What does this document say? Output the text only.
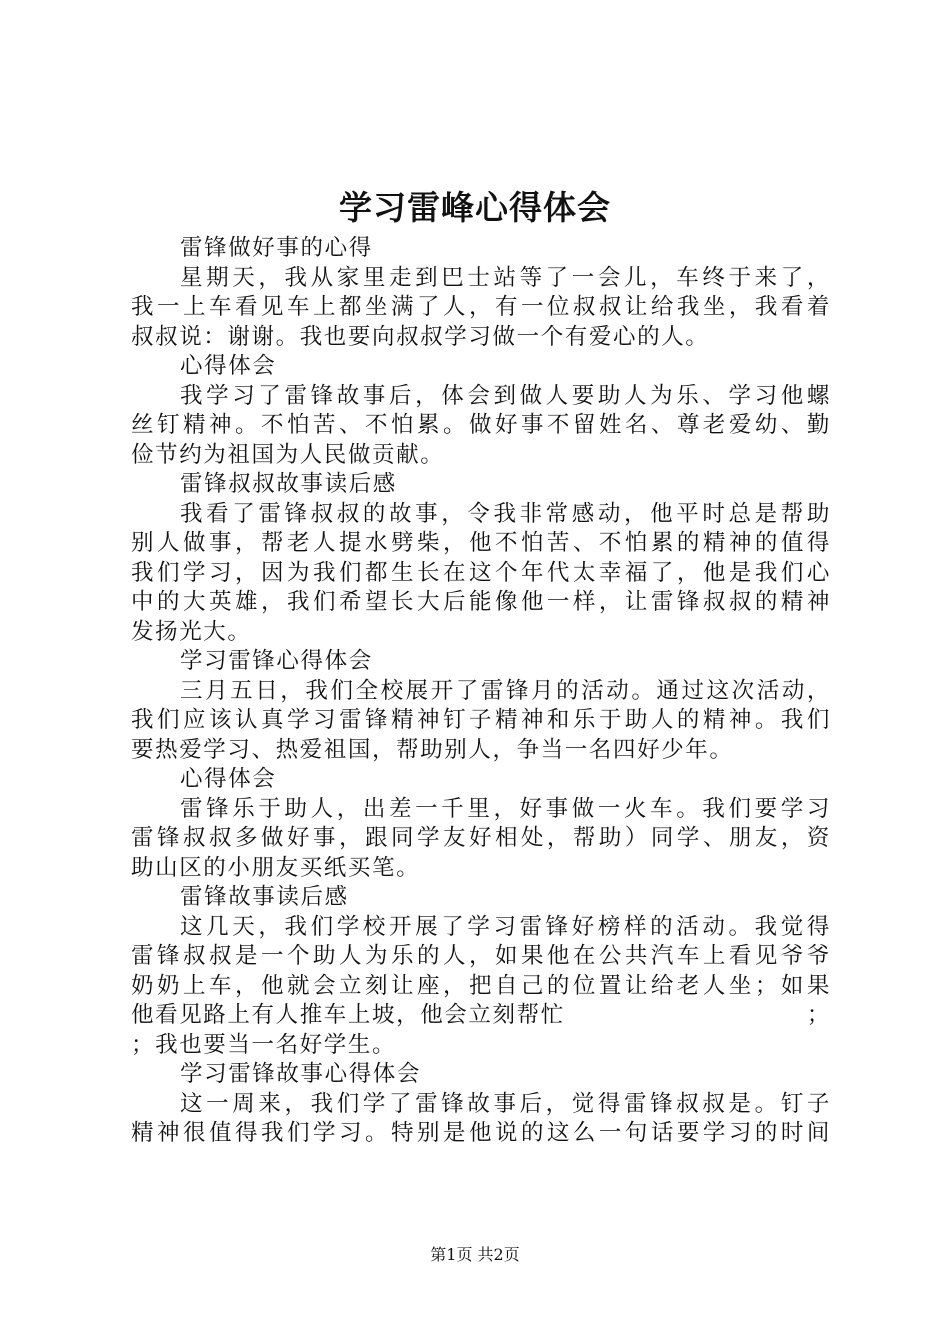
学习雷峰心得体会
雷锋做好事的心得
星期天，我从家里走到巴士站等了一会儿，车终于来了，
我一上车看见车上都坐满了人，有一位叔叔让给我坐，我看着
叔叔说：谢谢。我也要向叔叔学习做一个有爱心的人。
心得体会
我学习了雷锋故事后，体会到做人要助人为乐、学习他螺
丝钉精神。不怕苦、不怕累。做好事不留姓名、尊老爱幼、勤
俭节约为祖国为人民做贡献。
雷锋叔叔故事读后感
我看了雷锋叔叔的故事，令我非常感动，他平时总是帮助
别人做事，帮老人提水劈柴，他不怕苦、不怕累的精神的值得
我们学习，因为我们都生长在这个年代太幸福了，他是我们心
中的大英雄，我们希望长大后能像他一样，让雷锋叔叔的精神
发扬光大。
学习雷锋心得体会
三月五日，我们全校展开了雷锋月的活动。通过这次活动，
我们应该认真学习雷锋精神钉子精神和乐于助人的精神。我们
要热爱学习、热爱祖国，帮助别人，争当一名四好少年。
心得体会
雷锋乐于助人，出差一千里，好事做一火车。我们要学习
雷锋叔叔多做好事，跟同学友好相处，帮助）同学、朋友，资
助山区的小朋友买纸买笔。
雷锋故事读后感
这几天，我们学校开展了学习雷锋好榜样的活动。我觉得
雷锋叔叔是一个助人为乐的人，如果他在公共汽车上看见爷爷
奶奶上车，他就会立刻让座，把自己的位置让给老人坐；如果
他看见路上有人推车上坡，他会立刻帮忙	；
；我也要当一名好学生。
学习雷锋故事心得体会
这一周来，我们学了雷锋故事后，觉得雷锋叔叔是。钉子
精神很值得我们学习。特别是他说的这么一句话要学习的时间
第1页 共2页
